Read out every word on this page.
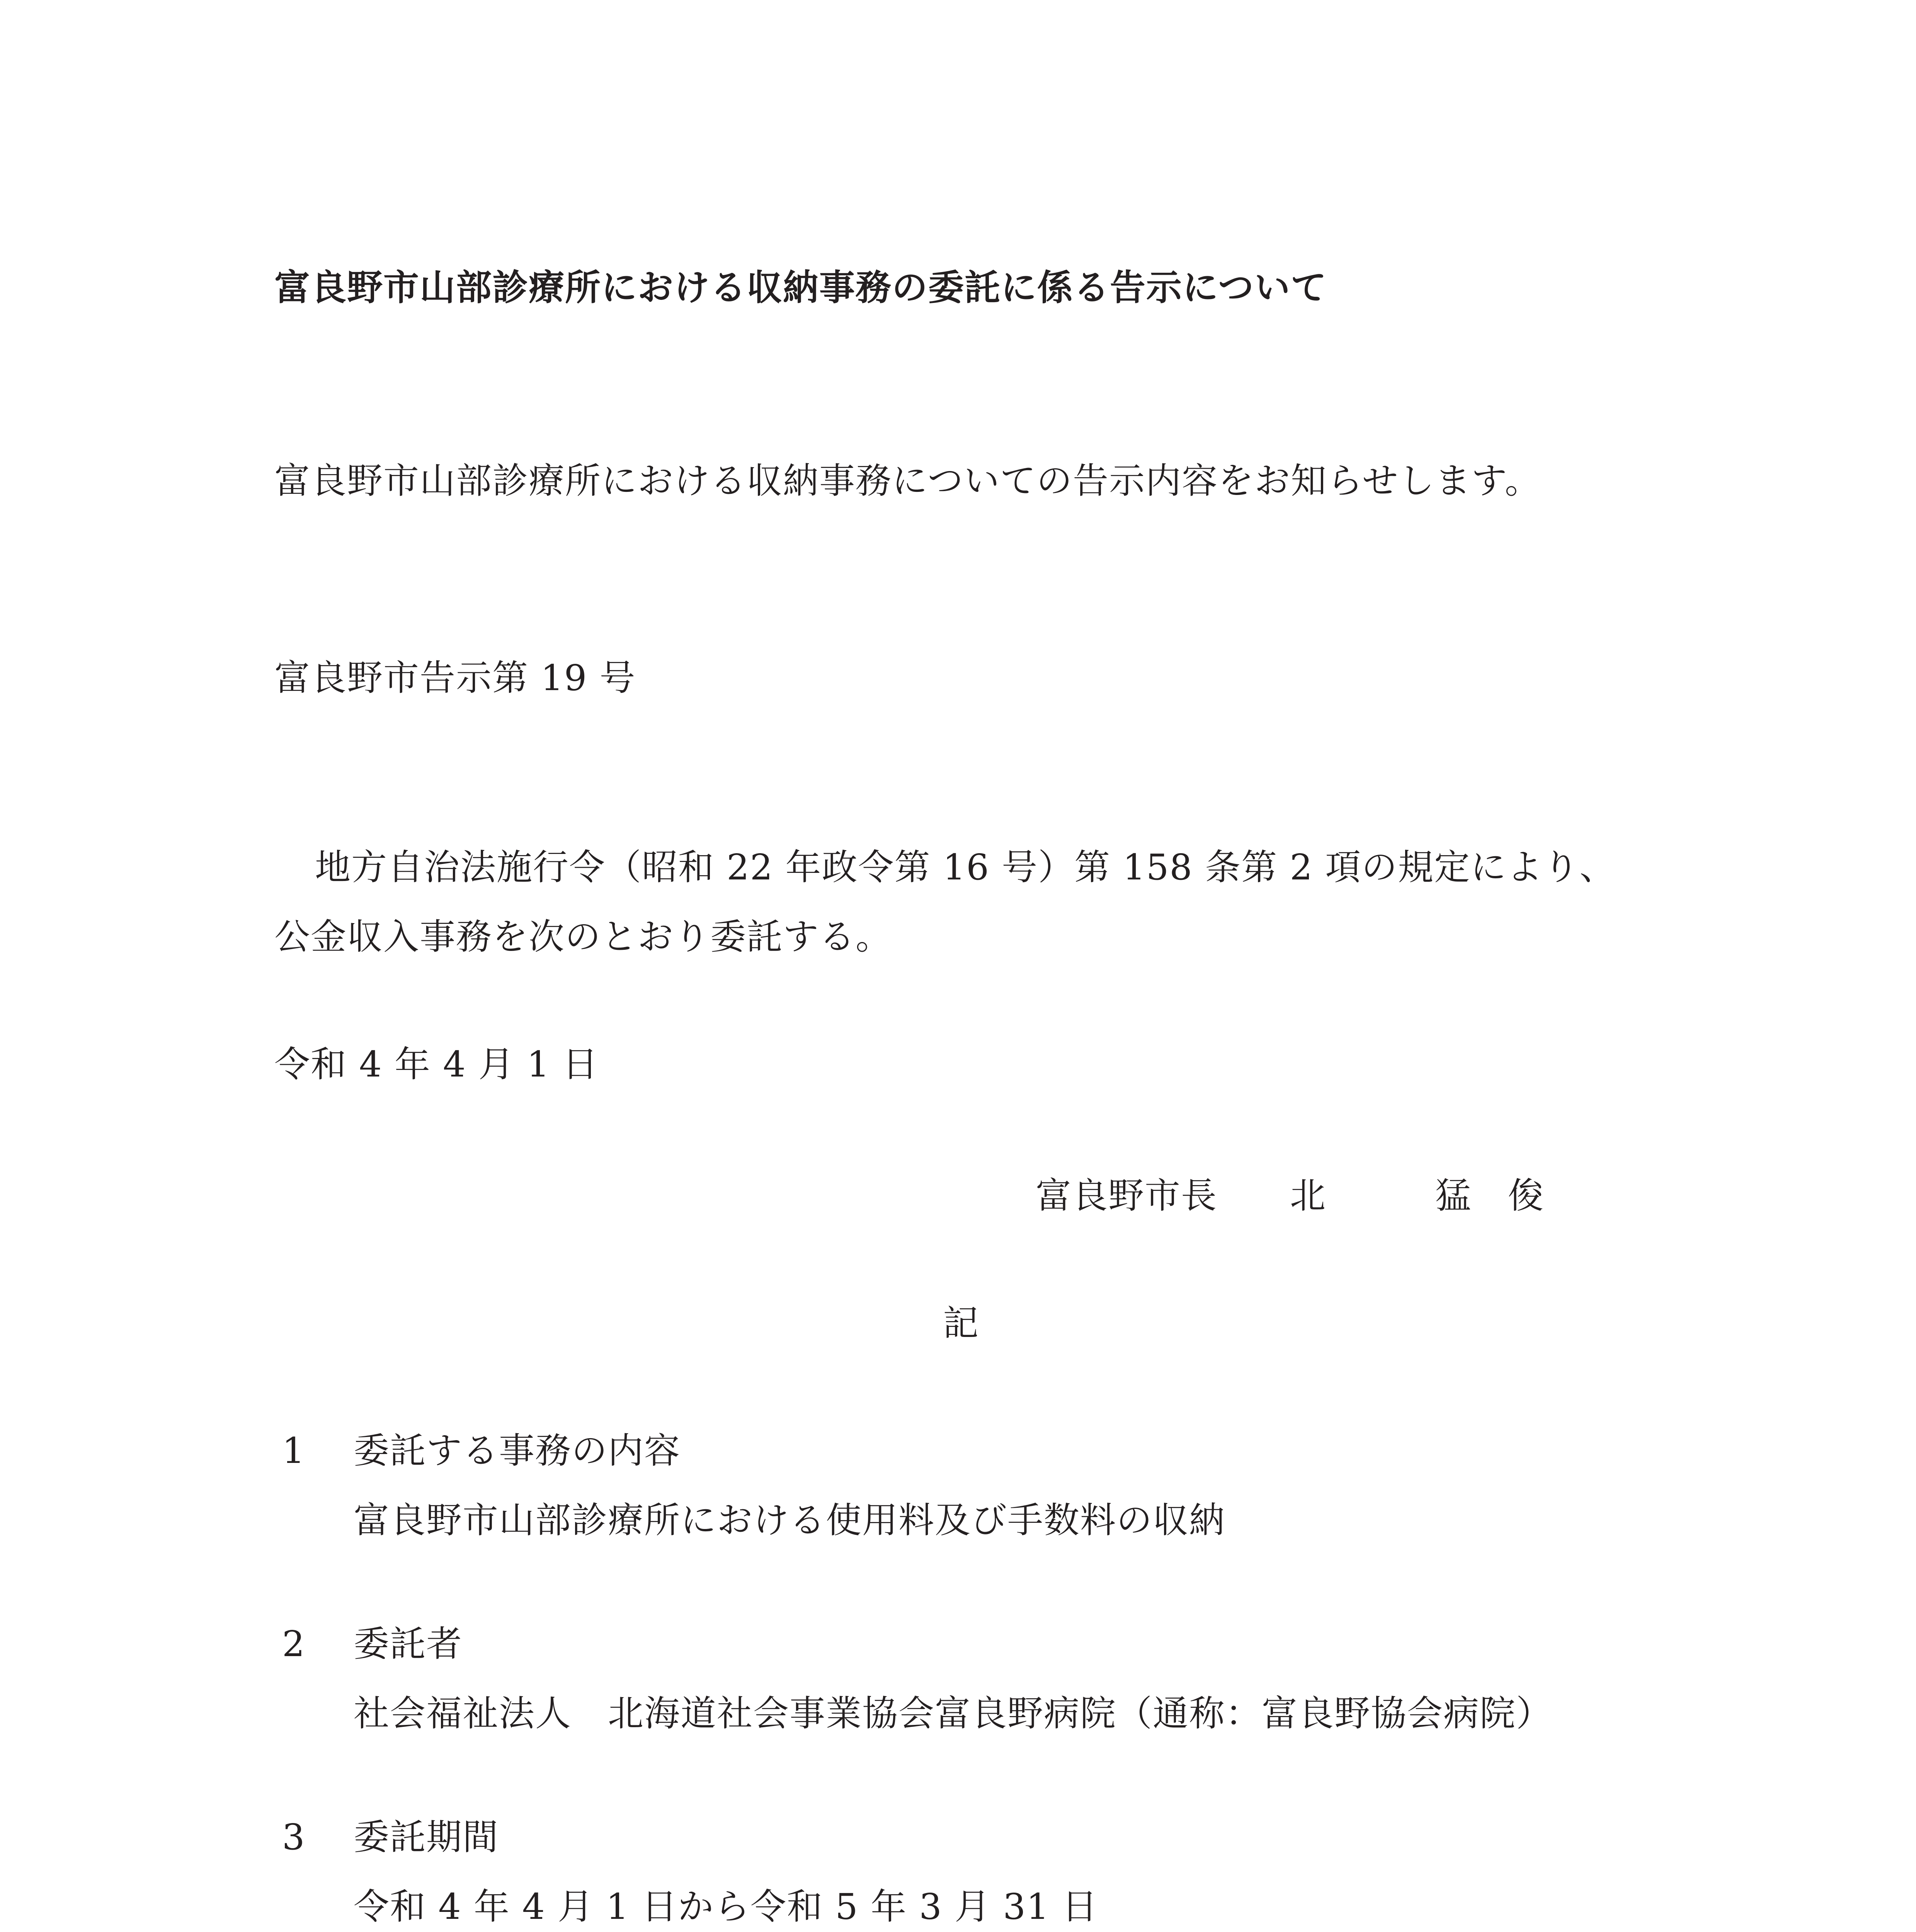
富良野市山部診療所における収納事務の委託に係る告示について
富良野市山部診療所における収納事務についての告示内容をお知らせします。
富良野市告示第 19 号
地方自治法施行令（昭和 22 年政令第 16 号）第 158 条第 2 項の規定により、
公金収入事務を次のとおり委託する。
令和 4 年 4 月 1 日
富良野市長　　北　　　猛　俊
記
1 委託する事務の内容
富良野市山部診療所における使用料及び手数料の収納
2 委託者
社会福祉法人　北海道社会事業協会富良野病院（通称：富良野協会病院）
3 委託期間
令和 4 年 4 月 1 日から令和 5 年 3 月 31 日
